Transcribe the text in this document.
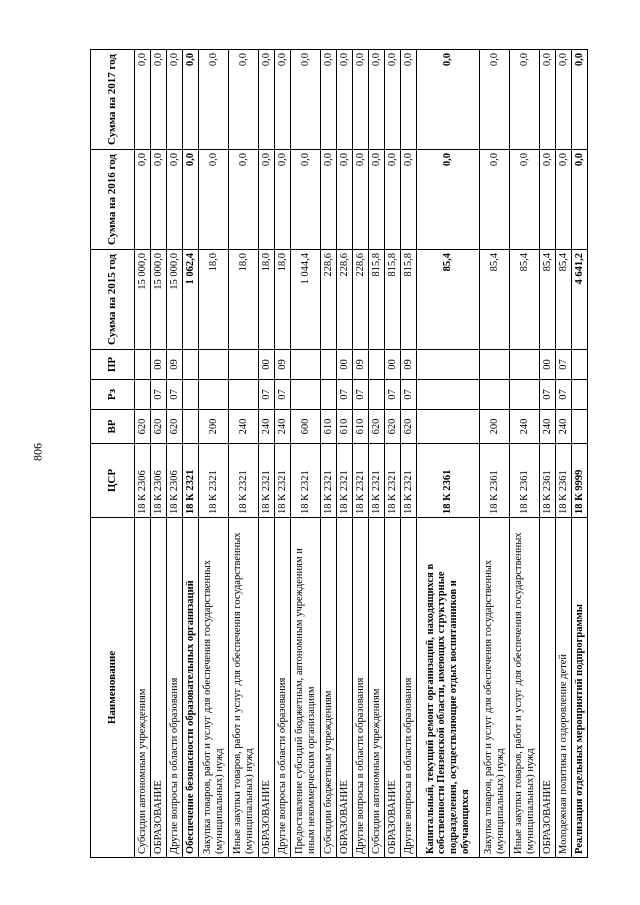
806
Наименование	ЦСР	ВР	Рз	ПР	Сумма на 2015 год	Сумма на 2016 год	Сумма на 2017 год
Субсидии автономным учреждениям	18 К 2306	620			15 000,0	0,0	0,0
ОБРАЗОВАНИЕ	18 К 2306	620	07	00	15 000,0	0,0	0,0
Другие вопросы в области образования	18 К 2306	620	07	09	15 000,0	0,0	0,0
Обеспечение безопасности образовательных организаций	18 К 2321				1 062,4	0,0	0,0
Закупка товаров, работ и услуг для обеспечения государственных (муниципальных) нужд	18 К 2321	200			18,0	0,0	0,0
Иные закупки товаров, работ и услуг для обеспечения государственных (муниципальных) нужд	18 К 2321	240			18,0	0,0	0,0
ОБРАЗОВАНИЕ	18 К 2321	240	07	00	18,0	0,0	0,0
Другие вопросы в области образования	18 К 2321	240	07	09	18,0	0,0	0,0
Предоставление субсидий бюджетным, автономным учреждениям и иным некоммерческим организациям	18 К 2321	600			1 044,4	0,0	0,0
Субсидии бюджетным учреждениям	18 К 2321	610			228,6	0,0	0,0
ОБРАЗОВАНИЕ	18 К 2321	610	07	00	228,6	0,0	0,0
Другие вопросы в области образования	18 К 2321	610	07	09	228,6	0,0	0,0
Субсидии автономным учреждениям	18 К 2321	620			815,8	0,0	0,0
ОБРАЗОВАНИЕ	18 К 2321	620	07	00	815,8	0,0	0,0
Другие вопросы в области образования	18 К 2321	620	07	09	815,8	0,0	0,0
Капитальный, текущий ремонт организаций, находящихся в собственности Пензенской области, имеющих структурные подразделения, осуществляющие отдых воспитанников и обучающихся	18 К 2361				85,4	0,0	0,0
Закупка товаров, работ и услуг для обеспечения государственных (муниципальных) нужд	18 К 2361	200			85,4	0,0	0,0
Иные закупки товаров, работ и услуг для обеспечения государственных (муниципальных) нужд	18 К 2361	240			85,4	0,0	0,0
ОБРАЗОВАНИЕ	18 К 2361	240	07	00	85,4	0,0	0,0
Молодежная политика и оздоровление детей	18 К 2361	240	07	07	85,4	0,0	0,0
Реализация отдельных мероприятий подпрограммы	18 К 9999				4 641,2	0,0	0,0
